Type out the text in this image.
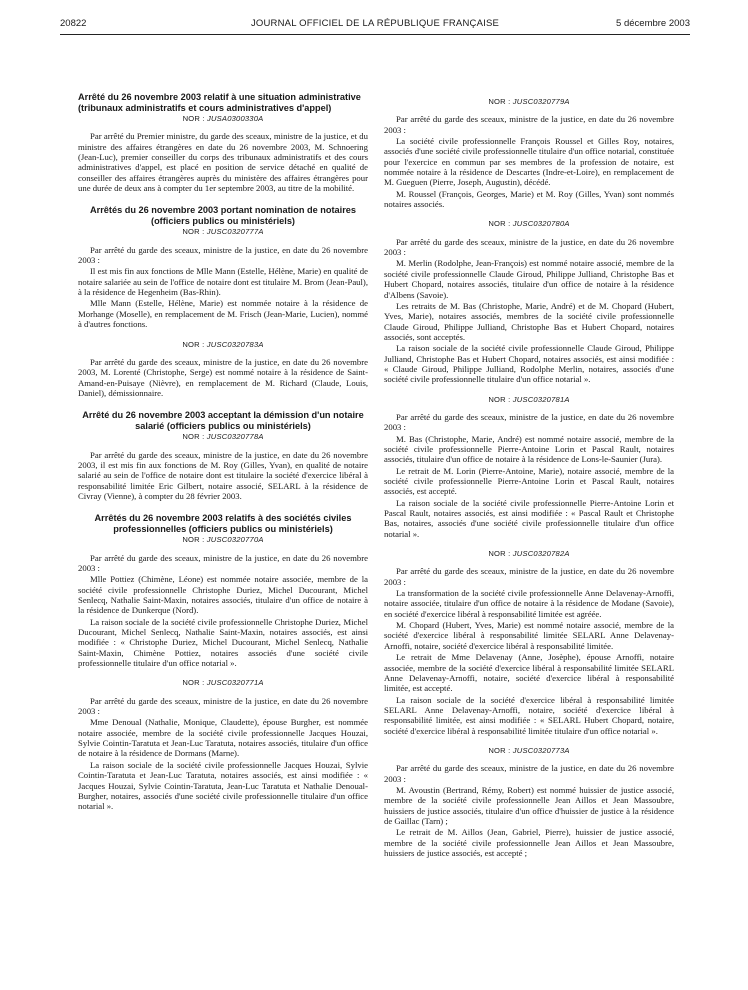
20822	JOURNAL OFFICIEL DE LA RÉPUBLIQUE FRANÇAISE	5 décembre 2003
Arrêté du 26 novembre 2003 relatif à une situation administrative (tribunaux administratifs et cours administratives d'appel)
NOR : JUSA0300330A

Par arrêté du Premier ministre, du garde des sceaux, ministre de la justice, et du ministre des affaires étrangères en date du 26 novembre 2003, M. Schnoering (Jean-Luc), premier conseiller du corps des tribunaux administratifs et des cours administratives d'appel, est placé en position de service détaché en qualité de conseiller des affaires étrangères auprès du ministère des affaires étrangères pour une durée de deux ans à compter du 1er septembre 2003, au titre de la mobilité.

Arrêtés du 26 novembre 2003 portant nomination de notaires (officiers publics ou ministériels)
NOR : JUSC0320777A

Par arrêté du garde des sceaux, ministre de la justice, en date du 26 novembre 2003 :

Il est mis fin aux fonctions de Mlle Mann (Estelle, Hélène, Marie) en qualité de notaire salariée au sein de l'office de notaire dont est titulaire M. Brom (Jean-Paul), à la résidence de Hegenheim (Bas-Rhin).

Mlle Mann (Estelle, Hélène, Marie) est nommée notaire à la résidence de Morhange (Moselle), en remplacement de M. Frisch (Jean-Marie, Lucien), nommé à d'autres fonctions.

NOR : JUSC0320783A

Par arrêté du garde des sceaux, ministre de la justice, en date du 26 novembre 2003, M. Lorenté (Christophe, Serge) est nommé notaire à la résidence de Saint-Amand-en-Puisaye (Nièvre), en remplacement de M. Richard (Claude, Louis, Daniel), démissionnaire.

Arrêté du 26 novembre 2003 acceptant la démission d'un notaire salarié (officiers publics ou ministériels)
NOR : JUSC0320778A

Par arrêté du garde des sceaux, ministre de la justice, en date du 26 novembre 2003, il est mis fin aux fonctions de M. Roy (Gilles, Yvan), en qualité de notaire salarié au sein de l'office de notaire dont est titulaire la société d'exercice libéral à responsabilité limitée Eric Gilbert, notaire associé, SELARL à la résidence de Civray (Vienne), à compter du 28 février 2003.

Arrêtés du 26 novembre 2003 relatifs à des sociétés civiles professionnelles (officiers publics ou ministériels)
NOR : JUSC0320770A

Par arrêté du garde des sceaux, ministre de la justice, en date du 26 novembre 2003 :

Mlle Pottiez (Chimène, Léone) est nommée notaire associée, membre de la société civile professionnelle Christophe Duriez, Michel Ducourant, Michel Senlecq, Nathalie Saint-Maxin, notaires associés, titulaire d'un office de notaire à la résidence de Dunkerque (Nord).

La raison sociale de la société civile professionnelle Christophe Duriez, Michel Ducourant, Michel Senlecq, Nathalie Saint-Maxin, notaires associés, est ainsi modifiée : « Christophe Duriez, Michel Ducourant, Michel Senlecq, Nathalie Saint-Maxin, Chimène Pottiez, notaires associés d'une société civile professionnelle titulaire d'un office notarial ».

NOR : JUSC0320771A

Par arrêté du garde des sceaux, ministre de la justice, en date du 26 novembre 2003 :

Mme Denoual (Nathalie, Monique, Claudette), épouse Burgher, est nommée notaire associée, membre de la société civile professionnelle Jacques Houzai, Sylvie Cointin-Taratuta et Jean-Luc Taratuta, notaires associés, titulaire d'un office de notaire à la résidence de Dormans (Marne).

La raison sociale de la société civile professionnelle Jacques Houzai, Sylvie Cointin-Taratuta et Jean-Luc Taratuta, notaires associés, est ainsi modifiée : « Jacques Houzai, Sylvie Cointin-Taratuta, Jean-Luc Taratuta et Nathalie Denoual-Burgher, notaires, associés d'une société civile professionnelle titulaire d'un office notarial ».

NOR : JUSC0320779A

Par arrêté du garde des sceaux, ministre de la justice, en date du 26 novembre 2003 :

La société civile professionnelle François Roussel et Gilles Roy, notaires, associés d'une société civile professionnelle titulaire d'un office notarial, constituée pour l'exercice en commun par ses membres de la profession de notaire, est nommée notaire à la résidence de Descartes (Indre-et-Loire), en remplacement de M. Gueguen (Pierre, Joseph, Augustin), décédé.

M. Roussel (François, Georges, Marie) et M. Roy (Gilles, Yvan) sont nommés notaires associés.

NOR : JUSC0320780A

Par arrêté du garde des sceaux, ministre de la justice, en date du 26 novembre 2003 :

M. Merlin (Rodolphe, Jean-François) est nommé notaire associé, membre de la société civile professionnelle Claude Giroud, Philippe Julliand, Christophe Bas et Hubert Chopard, notaires associés, titulaire d'un office de notaire à la résidence d'Albens (Savoie).

Les retraits de M. Bas (Christophe, Marie, André) et de M. Chopard (Hubert, Yves, Marie), notaires associés, membres de la société civile professionnelle Claude Giroud, Philippe Julliand, Christophe Bas et Hubert Chopard, notaires associés, sont acceptés.

La raison sociale de la société civile professionnelle Claude Giroud, Philippe Julliand, Christophe Bas et Hubert Chopard, notaires associés, est ainsi modifiée : « Claude Giroud, Philippe Julliand, Rodolphe Merlin, notaires, associés d'une société civile professionnelle titulaire d'un office notarial ».

NOR : JUSC0320781A

Par arrêté du garde des sceaux, ministre de la justice, en date du 26 novembre 2003 :

M. Bas (Christophe, Marie, André) est nommé notaire associé, membre de la société civile professionnelle Pierre-Antoine Lorin et Pascal Rault, notaires associés, titulaire d'un office de notaire à la résidence de Lons-le-Saunier (Jura).

Le retrait de M. Lorin (Pierre-Antoine, Marie), notaire associé, membre de la société civile professionnelle Pierre-Antoine Lorin et Pascal Rault, notaires associés, est accepté.

La raison sociale de la société civile professionnelle Pierre-Antoine Lorin et Pascal Rault, notaires associés, est ainsi modifiée : « Pascal Rault et Christophe Bas, notaires, associés d'une société civile professionnelle titulaire d'un office notarial ».

NOR : JUSC0320782A

Par arrêté du garde des sceaux, ministre de la justice, en date du 26 novembre 2003 :

La transformation de la société civile professionnelle Anne Delavenay-Arnoffi, notaire associée, titulaire d'un office de notaire à la résidence de Modane (Savoie), en société d'exercice libéral à responsabilité limitée est agréée.

M. Chopard (Hubert, Yves, Marie) est nommé notaire associé, membre de la société d'exercice libéral à responsabilité limitée SELARL Anne Delavenay-Arnoffi, notaire, société d'exercice libéral à responsabilité limitée.

Le retrait de Mme Delavenay (Anne, Josèphe), épouse Arnoffi, notaire associée, membre de la société d'exercice libéral à responsabilité limitée SELARL Anne Delavenay-Arnoffi, notaire, société d'exercice libéral à responsabilité limitée, est accepté.

La raison sociale de la société d'exercice libéral à responsabilité limitée SELARL Anne Delavenay-Arnoffi, notaire, société d'exercice libéral à responsabilité limitée, est ainsi modifiée : « SELARL Hubert Chopard, notaire, société d'exercice libéral à responsabilité limitée titulaire d'un office notarial ».

NOR : JUSC0320773A

Par arrêté du garde des sceaux, ministre de la justice, en date du 26 novembre 2003 :

M. Avoustin (Bertrand, Rémy, Robert) est nommé huissier de justice associé, membre de la société civile professionnelle Jean Aillos et Jean Massoubre, huissiers de justice associés, titulaire d'un office d'huissier de justice à la résidence de Gaillac (Tarn) ;

Le retrait de M. Aillos (Jean, Gabriel, Pierre), huissier de justice associé, membre de la société civile professionnelle Jean Aillos et Jean Massoubre, huissiers de justice associés, est accepté ;
